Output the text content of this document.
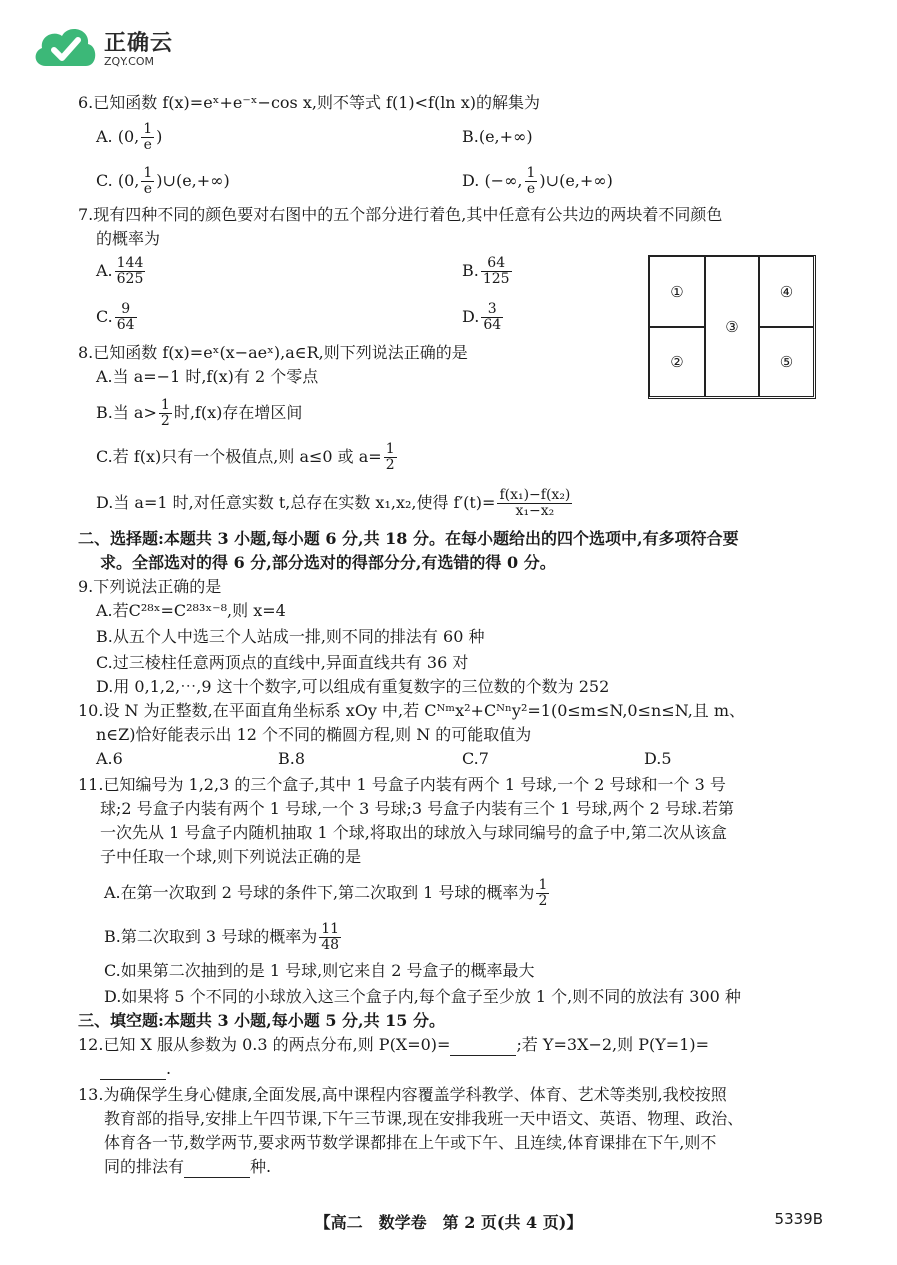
正确云
ZQY.COM
6.已知函数 f(x)=eˣ+e⁻ˣ−cos x,则不等式 f(1)<f(ln x)的解集为
A. (0, $\frac{1}{e}$ )	B.(e,+∞)
C. (0, $\frac{1}{e}$ )∪(e,+∞)	D. (−∞, $\frac{1}{e}$ )∪(e,+∞)
7.现有四种不同的颜色要对右图中的五个部分进行着色,其中任意有公共边的两块着不同颜色
的概率为
A. $\frac{144}{625}$	B. $\frac{64}{125}$
C. $\frac{9}{64}$	D. $\frac{3}{64}$
①
②
③
④
⑤
8.已知函数 f(x)=eˣ(x−aeˣ),a∈R,则下列说法正确的是
A.当 a=−1 时,f(x)有 2 个零点
B.当 $a> \frac{1}{2}$ 时,f(x)存在增区间
C.若 f(x)只有一个极值点,则 a≤0 或 $a= \frac{1}{2}$
D.当 a=1 时,对任意实数 t,总存在实数 x₁,x₂,使得 $f'(t)= \frac{\text{f(x₁)−f(x₂)}}{\text{x₁−x₂}}$
二、选择题:本题共 3 小题,每小题 6 分,共 18 分。在每小题给出的四个选项中,有多项符合要
求。全部选对的得 6 分,部分选对的得部分分,有选错的得 0 分。
9.下列说法正确的是
A.若C²⁸ˣ=C²⁸³ˣ⁻⁸,则 x=4
B.从五个人中选三个人站成一排,则不同的排法有 60 种
C.过三棱柱任意两顶点的直线中,异面直线共有 36 对
D.用 0,1,2,⋯,9 这十个数字,可以组成有重复数字的三位数的个数为 252
10.设 N 为正整数,在平面直角坐标系 xOy 中,若 Cᴺᵐx²+Cᴺⁿy²=1(0≤m≤N,0≤n≤N,且 m、
n∈Z)恰好能表示出 12 个不同的椭圆方程,则 N 的可能取值为
A.6	B.8	C.7	D.5
11.已知编号为 1,2,3 的三个盒子,其中 1 号盒子内装有两个 1 号球,一个 2 号球和一个 3 号
球;2 号盒子内装有两个 1 号球,一个 3 号球;3 号盒子内装有三个 1 号球,两个 2 号球.若第
一次先从 1 号盒子内随机抽取 1 个球,将取出的球放入与球同编号的盒子中,第二次从该盒
子中任取一个球,则下列说法正确的是
A.在第一次取到 2 号球的条件下,第二次取到 1 号球的概率为 $\frac{1}{2}$
B.第二次取到 3 号球的概率为 $\frac{11}{48}$
C.如果第二次抽到的是 1 号球,则它来自 2 号盒子的概率最大
D.如果将 5 个不同的小球放入这三个盒子内,每个盒子至少放 1 个,则不同的放法有 300 种
三、填空题:本题共 3 小题,每小题 5 分,共 15 分。
12.已知 X 服从参数为 0.3 的两点分布,则 P(X=0)=	;若 Y=3X−2,则 P(Y=1)=
.
13.为确保学生身心健康,全面发展,高中课程内容覆盖学科教学、体育、艺术等类别,我校按照
教育部的指导,安排上午四节课,下午三节课,现在安排我班一天中语文、英语、物理、政治、
体育各一节,数学两节,要求两节数学课都排在上午或下午、且连续,体育课排在下午,则不
同的排法有	种.
【高二　数学卷　第 2 页(共 4 页)】	5339B
